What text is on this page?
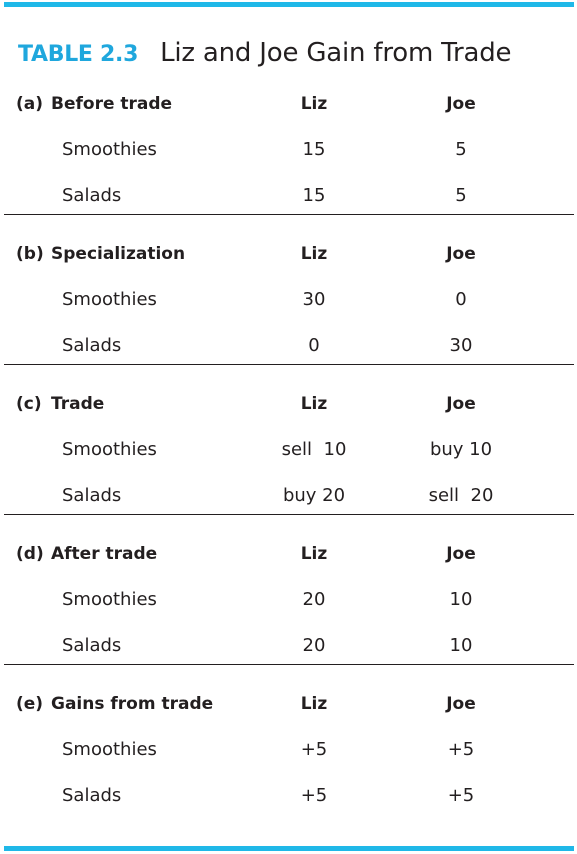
TABLE 2.3 Liz and Joe Gain from Trade
(a) Before trade	Liz	Joe
Smoothies	15	5
Salads	15	5
(b) Specialization	Liz	Joe
Smoothies	30	0
Salads	0	30
(c) Trade	Liz	Joe
Smoothies	sell  10	buy 10
Salads	buy 20	sell  20
(d) After trade	Liz	Joe
Smoothies	20	10
Salads	20	10
(e) Gains from trade	Liz	Joe
Smoothies	+5	+5
Salads	+5	+5
